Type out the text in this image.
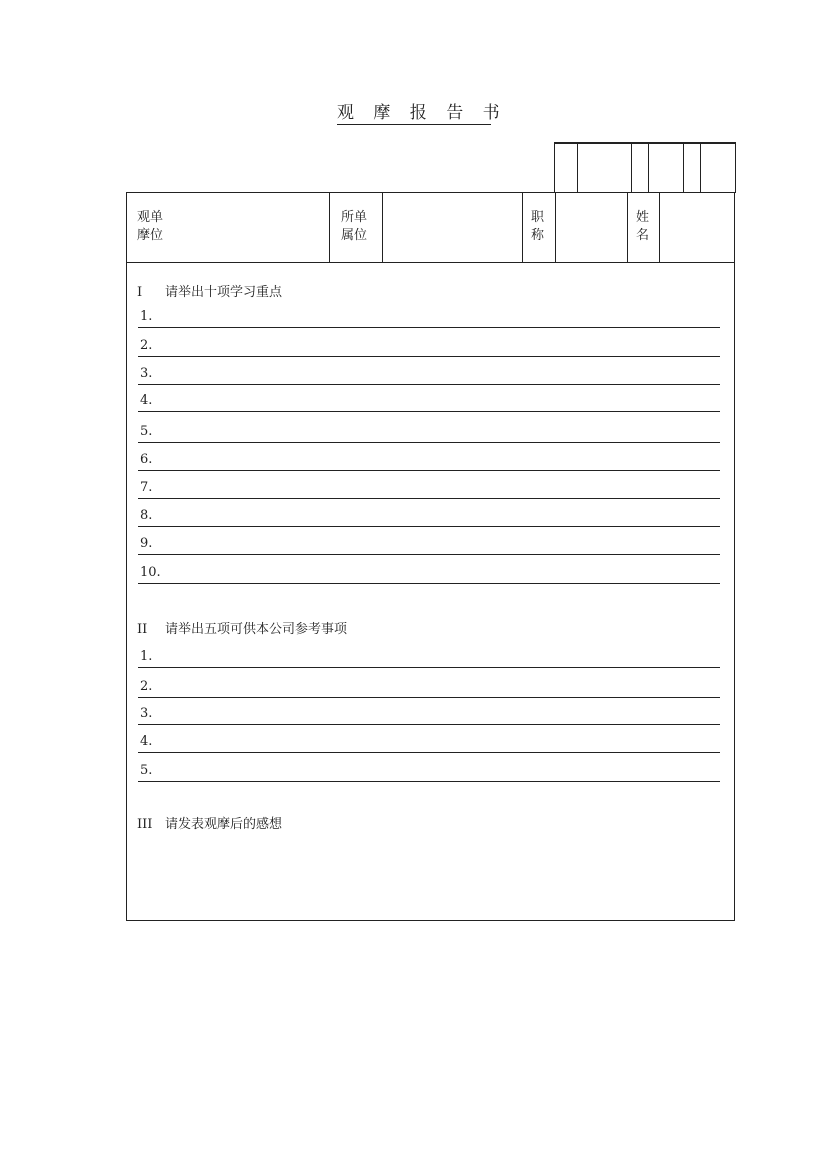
观 摩 报 告 书
观单
摩位
所单
属位
职
称
姓
名
I 请举出十项学习重点
1.
2.
3.
4.
5.
6.
7.
8.
9.
10.
II 请举出五项可供本公司参考事项
1.
2.
3.
4.
5.
III 请发表观摩后的感想
